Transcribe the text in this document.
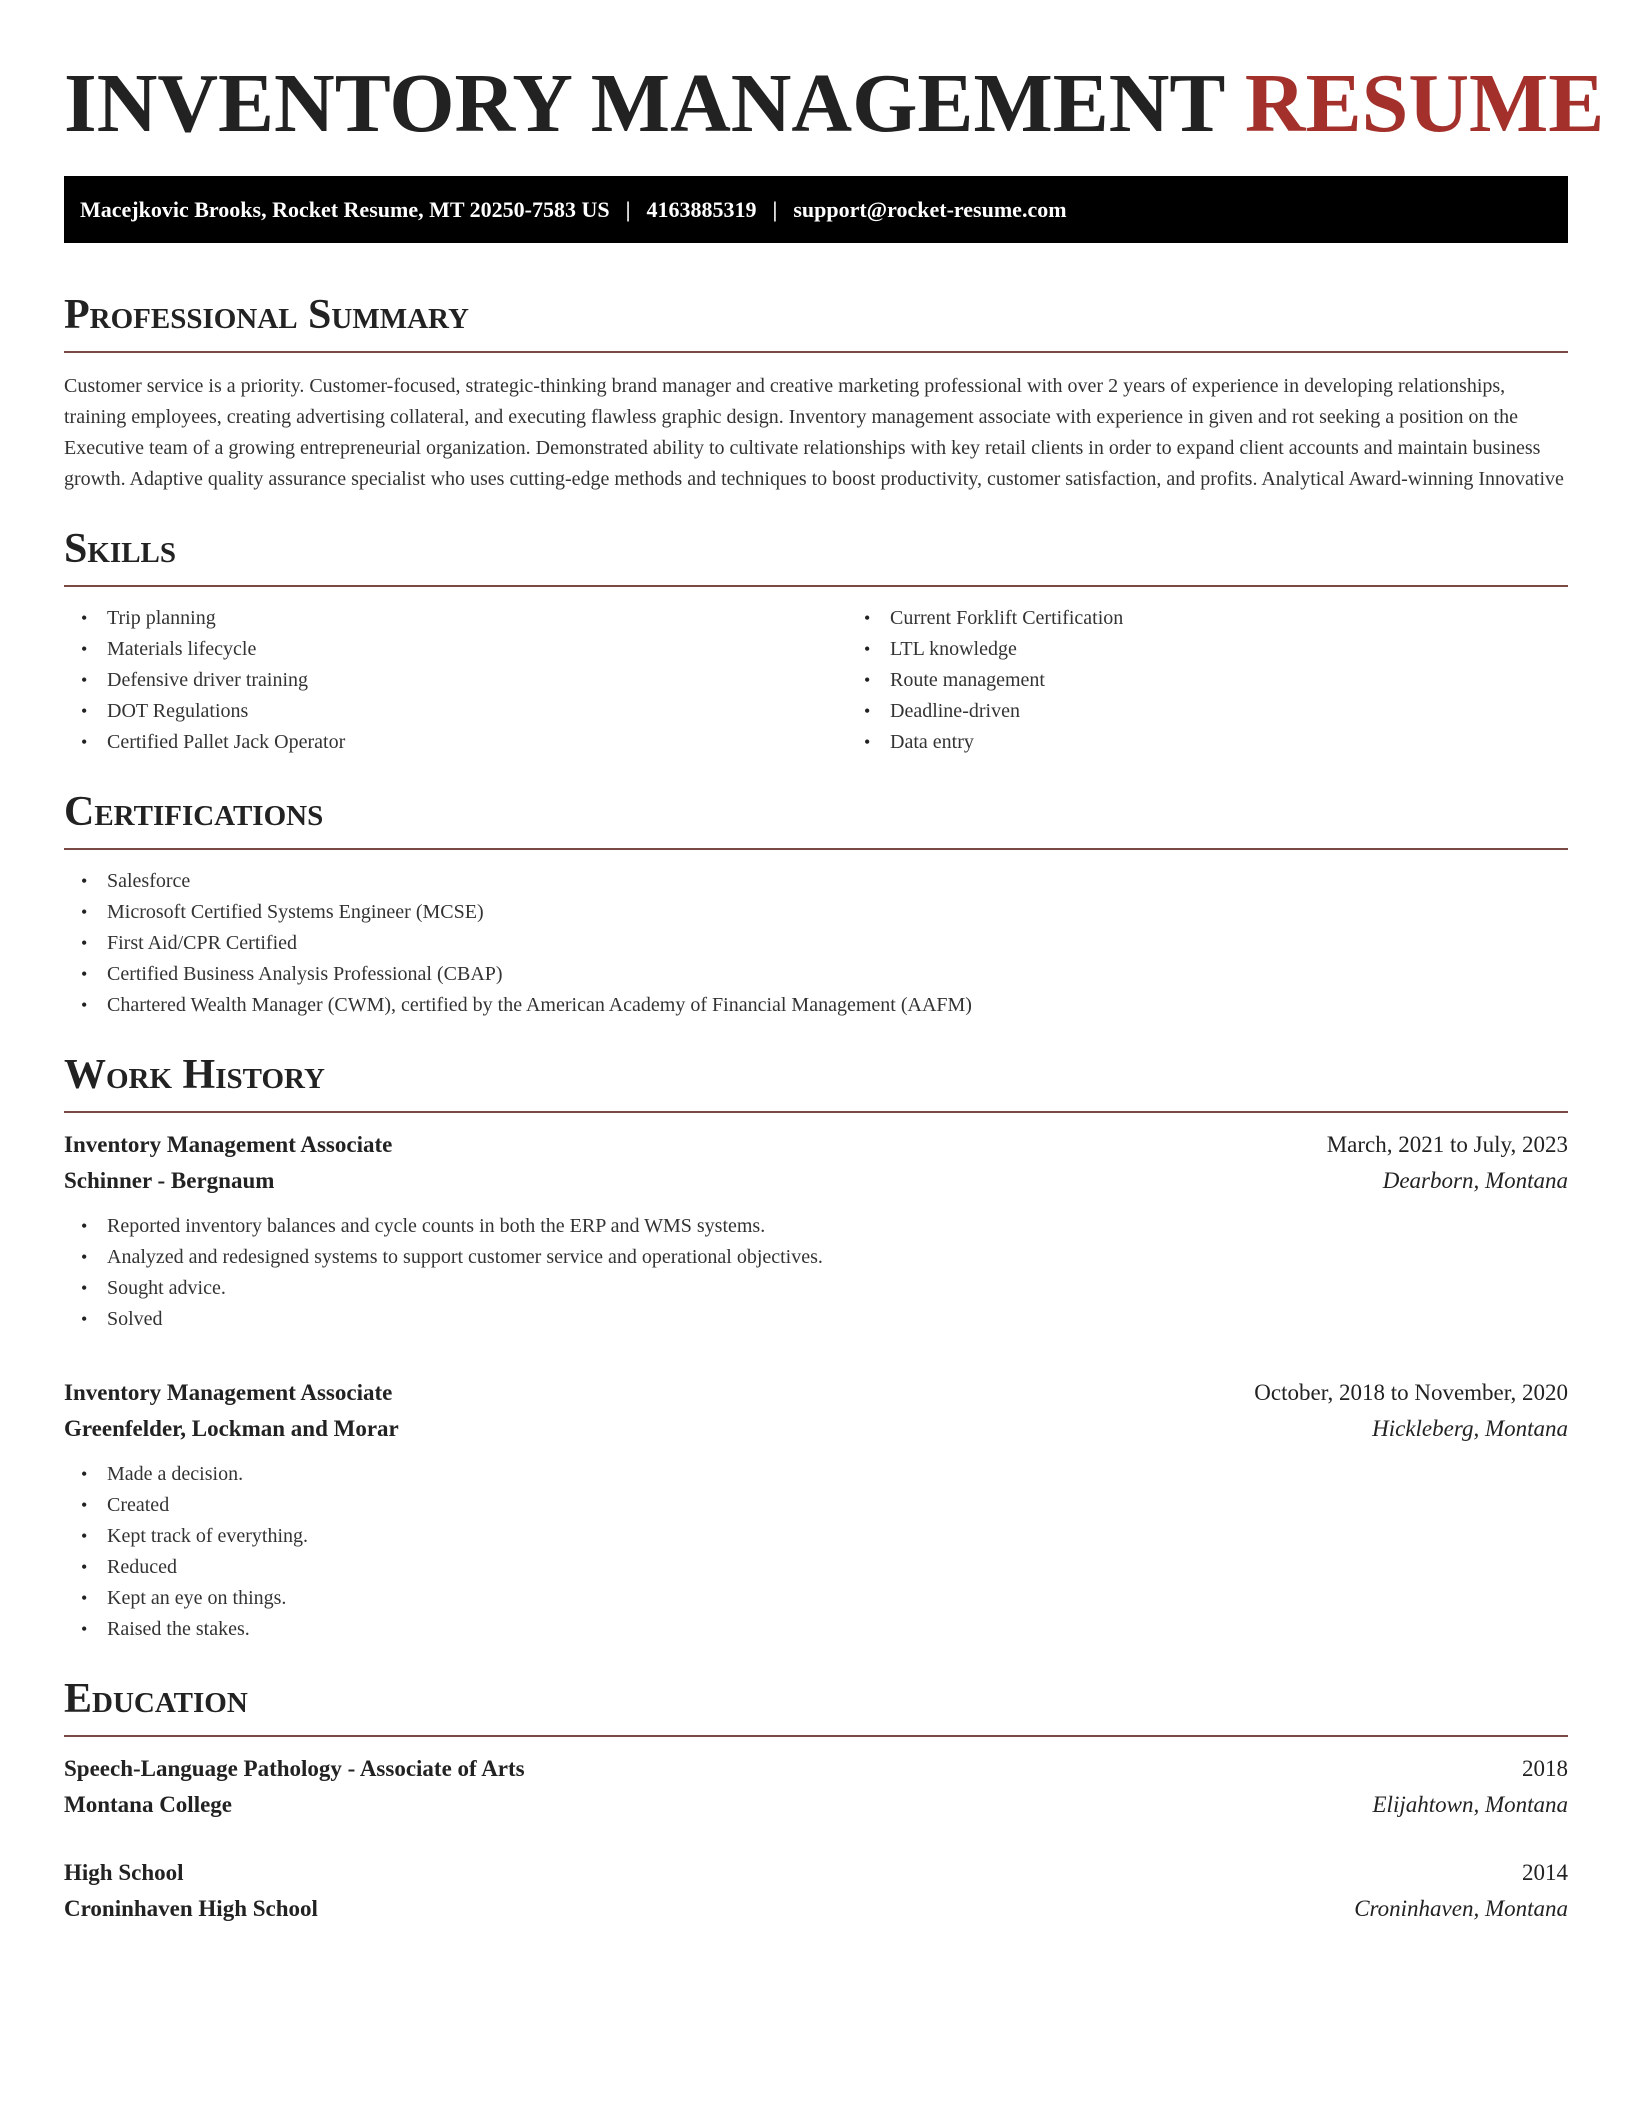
INVENTORY MANAGEMENT RESUME
Macejkovic Brooks, Rocket Resume, MT 20250-7583 US | 4163885319 | support@rocket-resume.com
Professional Summary

Customer service is a priority. Customer-focused, strategic-thinking brand manager and creative marketing professional with over 2 years of experience in developing relationships, training employees, creating advertising collateral, and executing flawless graphic design. Inventory management associate with experience in given and rot seeking a position on the Executive team of a growing entrepreneurial organization. Demonstrated ability to cultivate relationships with key retail clients in order to expand client accounts and maintain business growth. Adaptive quality assurance specialist who uses cutting-edge methods and techniques to boost productivity, customer satisfaction, and profits. Analytical Award-winning Innovative

Skills
• Trip planning
• Materials lifecycle
• Defensive driver training
• DOT Regulations
• Certified Pallet Jack Operator
• Current Forklift Certification
• LTL knowledge
• Route management
• Deadline-driven
• Data entry
Certifications
• Salesforce
• Microsoft Certified Systems Engineer (MCSE)
• First Aid/CPR Certified
• Certified Business Analysis Professional (CBAP)
• Chartered Wealth Manager (CWM), certified by the American Academy of Financial Management (AAFM)
Work History
Inventory Management Associate	March, 2021 to July, 2023
Schinner - Bergnaum	Dearborn, Montana
• Reported inventory balances and cycle counts in both the ERP and WMS systems.
• Analyzed and redesigned systems to support customer service and operational objectives.
• Sought advice.
• Solved
Inventory Management Associate	October, 2018 to November, 2020
Greenfelder, Lockman and Morar	Hickleberg, Montana
• Made a decision.
• Created
• Kept track of everything.
• Reduced
• Kept an eye on things.
• Raised the stakes.
Education
Speech-Language Pathology - Associate of Arts	2018
Montana College	Elijahtown, Montana
High School	2014
Croninhaven High School	Croninhaven, Montana
